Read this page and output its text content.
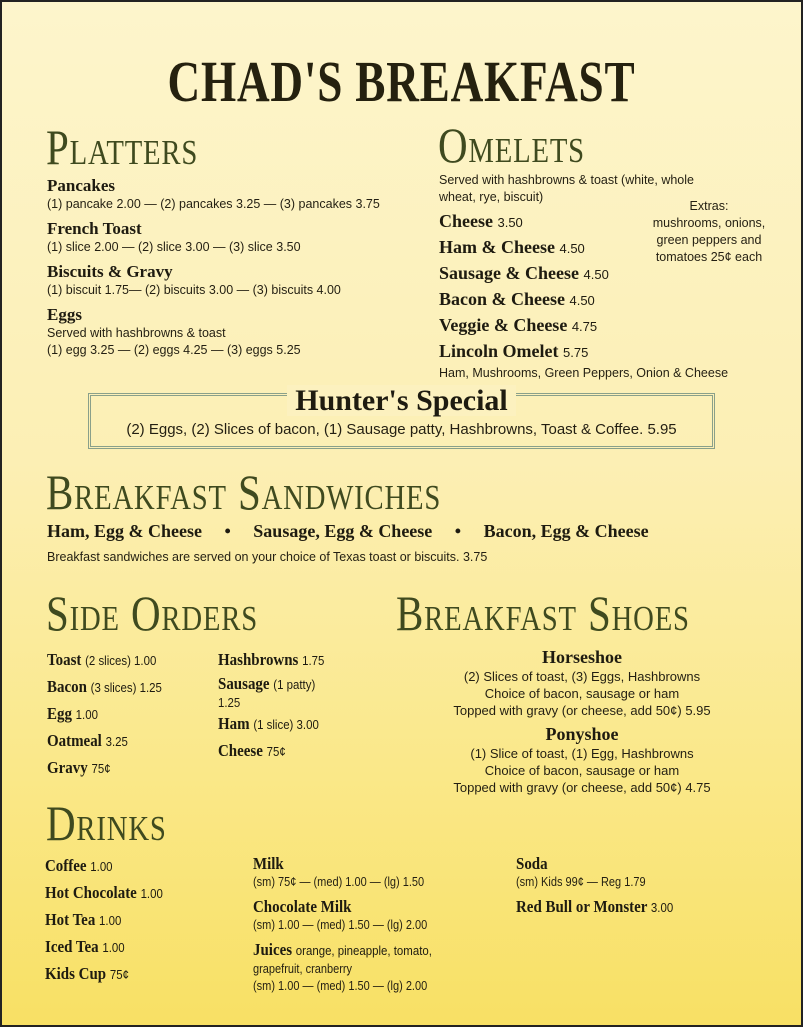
CHAD'S BREAKFAST
Platters
Pancakes
(1) pancake 2.00 — (2) pancakes 3.25 — (3) pancakes 3.75
French Toast
(1) slice 2.00 — (2) slice 3.00 — (3) slice 3.50
Biscuits & Gravy
(1) biscuit 1.75— (2) biscuits 3.00 — (3) biscuits 4.00
Eggs
Served with hashbrowns & toast
(1) egg 3.25 — (2) eggs 4.25 — (3) eggs 5.25
Omelets
Served with hashbrowns & toast (white, whole
wheat, rye, biscuit)
Cheese 3.50
Ham & Cheese 4.50
Sausage & Cheese 4.50
Bacon & Cheese 4.50
Veggie & Cheese 4.75
Lincoln Omelet 5.75
Ham, Mushrooms, Green Peppers, Onion & Cheese
Extras:
mushrooms, onions,
green peppers and
tomatoes 25¢ each
Hunter's Special
(2) Eggs, (2) Slices of bacon, (1) Sausage patty, Hashbrowns, Toast & Coffee. 5.95
Breakfast Sandwiches
Ham, Egg & Cheese • Sausage, Egg & Cheese • Bacon, Egg & Cheese
Breakfast sandwiches are served on your choice of Texas toast or biscuits. 3.75
Side Orders
Toast (2 slices) 1.00
Bacon (3 slices) 1.25
Egg 1.00
Oatmeal 3.25
Gravy 75¢
Hashbrowns 1.75
Sausage (1 patty)
1.25
Ham (1 slice) 3.00
Cheese 75¢
Breakfast Shoes
Horseshoe
(2) Slices of toast, (3) Eggs, Hashbrowns
Choice of bacon, sausage or ham
Topped with gravy (or cheese, add 50¢) 5.95
Ponyshoe
(1) Slice of toast, (1) Egg, Hashbrowns
Choice of bacon, sausage or ham
Topped with gravy (or cheese, add 50¢) 4.75
Drinks
Coffee 1.00
Hot Chocolate 1.00
Hot Tea 1.00
Iced Tea 1.00
Kids Cup 75¢
Milk
(sm) 75¢ — (med) 1.00 — (lg) 1.50
Chocolate Milk
(sm) 1.00 — (med) 1.50 — (lg) 2.00
Juices orange, pineapple, tomato,
grapefruit, cranberry
(sm) 1.00 — (med) 1.50 — (lg) 2.00
Soda
(sm) Kids 99¢ — Reg 1.79
Red Bull or Monster 3.00
